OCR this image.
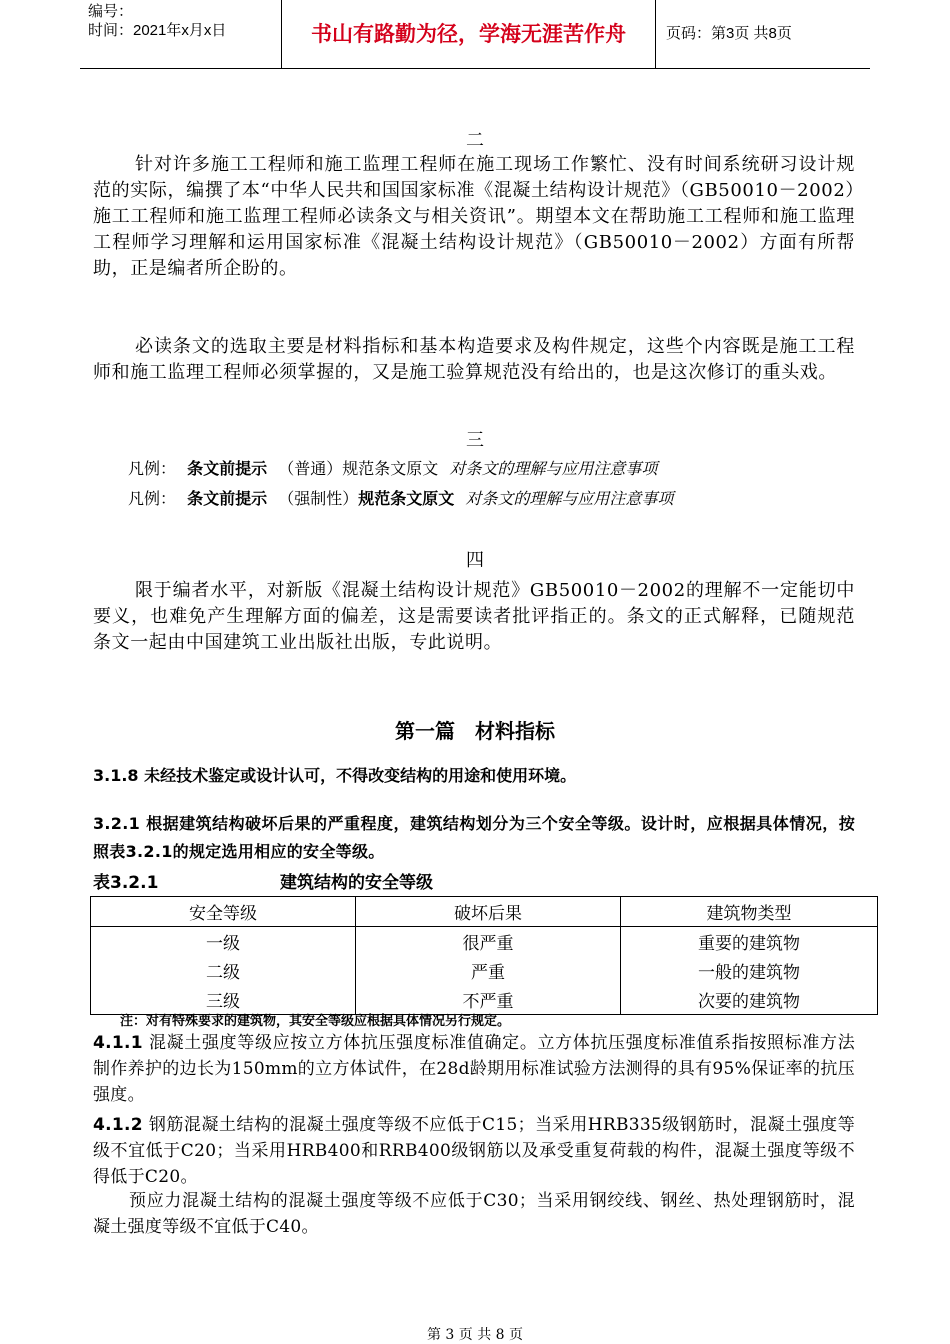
编号：
时间：2021年x月x日	书山有路勤为径，学海无涯苦作舟	页码：第3页 共8页
二
针对许多施工工程师和施工监理工程师在施工现场工作繁忙、没有时间系统研习设计规范的实际，编撰了本“中华人民共和国国家标准《混凝土结构设计规范》（GB50010－2002）施工工程师和施工监理工程师必读条文与相关资讯”。期望本文在帮助施工工程师和施工监理工程师学习理解和运用国家标准《混凝土结构设计规范》（GB50010－2002）方面有所帮助，正是编者所企盼的。
必读条文的选取主要是材料指标和基本构造要求及构件规定，这些个内容既是施工工程师和施工监理工程师必须掌握的，又是施工验算规范没有给出的，也是这次修订的重头戏。
三
凡例： 条文前提示 （普通）规范条文原文 对条文的理解与应用注意事项
凡例： 条文前提示 （强制性）规范条文原文 对条文的理解与应用注意事项
四
限于编者水平，对新版《混凝土结构设计规范》GB50010－2002的理解不一定能切中要义，也难免产生理解方面的偏差，这是需要读者批评指正的。条文的正式解释，已随规范条文一起由中国建筑工业出版社出版，专此说明。
第一篇　材料指标
3.1.8 未经技术鉴定或设计认可，不得改变结构的用途和使用环境。
3.2.1 根据建筑结构破坏后果的严重程度，建筑结构划分为三个安全等级。设计时，应根据具体情况，按照表3.2.1的规定选用相应的安全等级。
表3.2.1	建筑结构的安全等级
安全等级	破坏后果	建筑物类型
一级	很严重	重要的建筑物
二级	严重	一般的建筑物
三级	不严重	次要的建筑物
注：对有特殊要求的建筑物，其安全等级应根据具体情况另行规定。
4.1.1 混凝土强度等级应按立方体抗压强度标准值确定。立方体抗压强度标准值系指按照标准方法制作养护的边长为150mm的立方体试件，在28d龄期用标准试验方法测得的具有95%保证率的抗压强度。
4.1.2 钢筋混凝土结构的混凝土强度等级不应低于C15；当采用HRB335级钢筋时，混凝土强度等级不宜低于C20；当采用HRB400和RRB400级钢筋以及承受重复荷载的构件，混凝土强度等级不得低于C20。
预应力混凝土结构的混凝土强度等级不应低于C30；当采用钢绞线、钢丝、热处理钢筋时，混凝土强度等级不宜低于C40。
第 3 页 共 8 页
